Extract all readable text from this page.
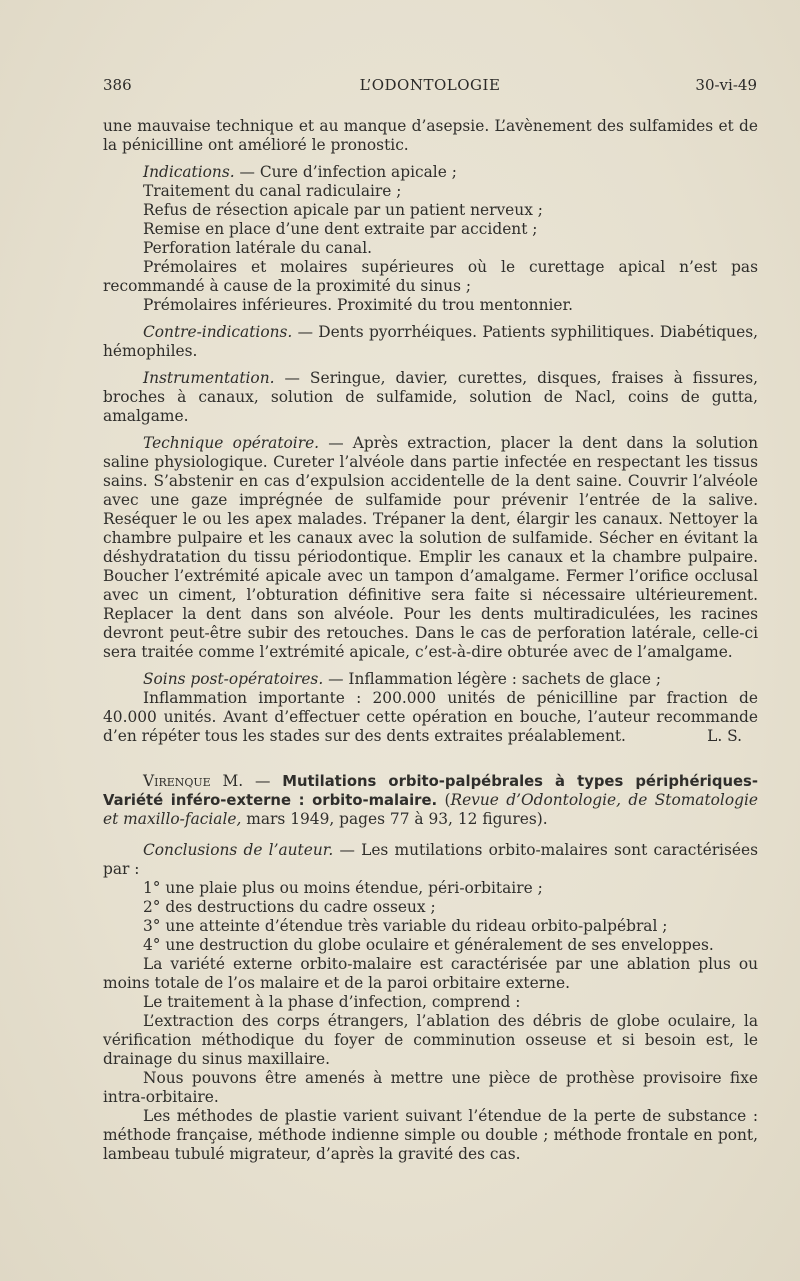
386	L’ODONTOLOGIE	30-vi-49

une mauvaise technique et au manque d’asepsie. L’avènement des sulfamides et de la pénicilline ont amélioré le pronostic.

Indications. — Cure d’infection apicale ;

Traitement du canal radiculaire ;

Refus de résection apicale par un patient nerveux ;

Remise en place d’une dent extraite par accident ;

Perforation latérale du canal.

Prémolaires et molaires supérieures où le curettage apical n’est pas recommandé à cause de la proximité du sinus ;

Prémolaires inférieures. Proximité du trou mentonnier.

Contre-indications. — Dents pyorrhéiques. Patients syphilitiques. Diabétiques, hémophiles.

Instrumentation. — Seringue, davier, curettes, disques, fraises à fissures, broches à canaux, solution de sulfamide, solution de Nacl, coins de gutta, amalgame.

Technique opératoire. — Après extraction, placer la dent dans la solution saline physiologique. Cureter l’alvéole dans partie infectée en respectant les tissus sains. S’abstenir en cas d’expulsion accidentelle de la dent saine. Couvrir l’alvéole avec une gaze imprégnée de sulfamide pour prévenir l’entrée de la salive. Reséquer le ou les apex malades. Trépaner la dent, élargir les canaux. Nettoyer la chambre pulpaire et les canaux avec la solution de sulfamide. Sécher en évitant la déshydratation du tissu périodontique. Emplir les canaux et la chambre pulpaire. Boucher l’extrémité apicale avec un tampon d’amalgame. Fermer l’orifice occlusal avec un ciment, l’obturation définitive sera faite si nécessaire ultérieurement. Replacer la dent dans son alvéole. Pour les dents multiradiculées, les racines devront peut-être subir des retouches. Dans le cas de perforation latérale, celle-ci sera traitée comme l’extrémité apicale, c’est-à-dire obturée avec de l’amalgame.

Soins post-opératoires. — Inflammation légère : sachets de glace ;

Inflammation importante : 200.000 unités de pénicilline par fraction de 40.000 unités. Avant d’effectuer cette opération en bouche, l’auteur recommande d’en répéter tous les stades sur des dents extraites préalablement.	L. S.

Virenque M. — Mutilations orbito-palpébrales à types périphériques-Variété inféro-externe : orbito-malaire. (Revue d’Odontologie, de Stomatologie et maxillo-faciale, mars 1949, pages 77 à 93, 12 figures).

Conclusions de l’auteur. — Les mutilations orbito-malaires sont caractérisées par :

1° une plaie plus ou moins étendue, péri-orbitaire ;

2° des destructions du cadre osseux ;

3° une atteinte d’étendue très variable du rideau orbito-palpébral ;

4° une destruction du globe oculaire et généralement de ses enveloppes.

La variété externe orbito-malaire est caractérisée par une ablation plus ou moins totale de l’os malaire et de la paroi orbitaire externe.

Le traitement à la phase d’infection, comprend :

L’extraction des corps étrangers, l’ablation des débris de globe oculaire, la vérification méthodique du foyer de comminution osseuse et si besoin est, le drainage du sinus maxillaire.

Nous pouvons être amenés à mettre une pièce de prothèse provisoire fixe intra-orbitaire.

Les méthodes de plastie varient suivant l’étendue de la perte de substance : méthode française, méthode indienne simple ou double ; méthode frontale en pont, lambeau tubulé migrateur, d’après la gravité des cas.
